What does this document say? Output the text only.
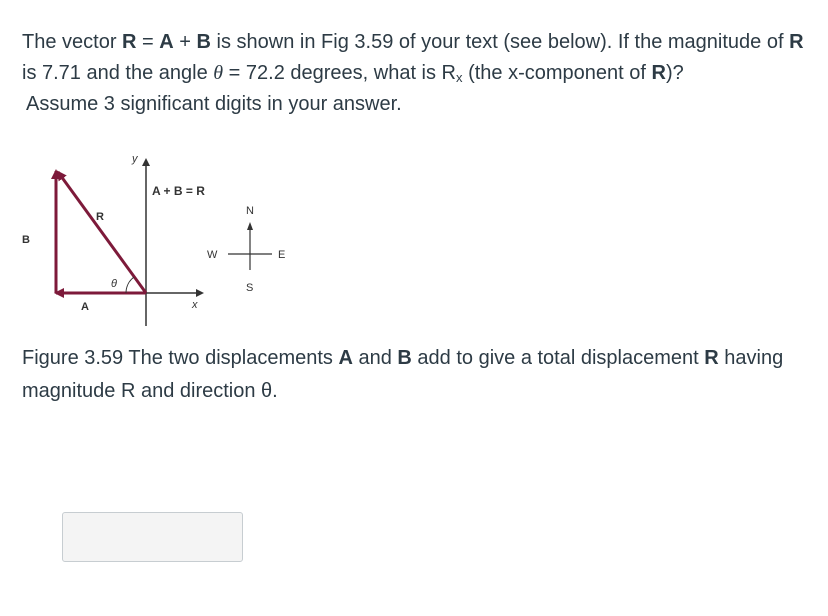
The vector R = A + B is shown in Fig 3.59 of your text (see below). If the magnitude of R is 7.71 and the angle θ = 72.2 degrees, what is $R_x$ (the x-component of R)?
Assume 3 significant digits in your answer.
y
x
A + B = R
R
B
A
θ
N
S
W	E
Figure 3.59 The two displacements A and B add to give a total displacement R having magnitude R and direction θ.
